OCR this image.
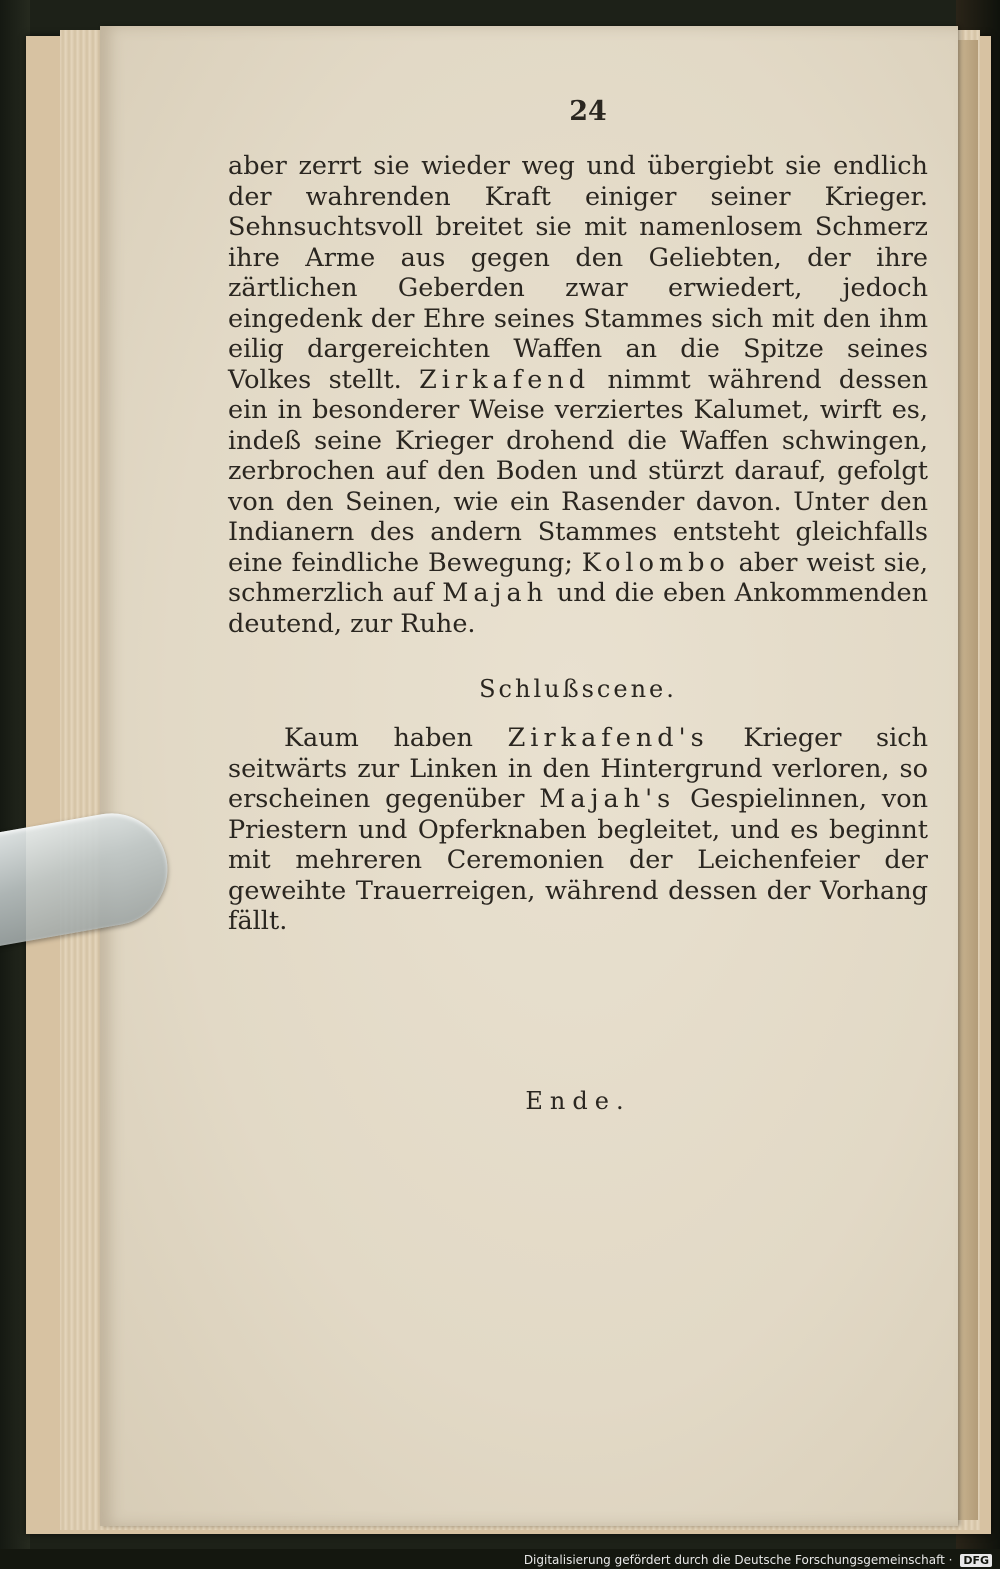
24

aber zerrt sie wieder weg und übergiebt sie endlich der wahrenden Kraft einiger seiner Krieger. Sehnsuchtsvoll breitet sie mit namenlosem Schmerz ihre Arme aus gegen den Geliebten, der ihre zärtlichen Geberden zwar erwiedert, jedoch eingedenk der Ehre seines Stammes sich mit den ihm eilig dargereichten Waffen an die Spitze seines Volkes stellt. Zirkafend nimmt während dessen ein in besonderer Weise verziertes Kalumet, wirft es, indeß seine Krieger drohend die Waffen schwingen, zerbrochen auf den Boden und stürzt darauf, gefolgt von den Seinen, wie ein Rasender davon. Unter den Indianern des andern Stammes entsteht gleichfalls eine feindliche Bewegung; Kolombo aber weist sie, schmerzlich auf Majah und die eben Ankommenden deutend, zur Ruhe.

Schlußscene.

Kaum haben Zirkafend's Krieger sich seitwärts zur Linken in den Hintergrund verloren, so erscheinen gegenüber Majah's Gespielinnen, von Priestern und Opferknaben begleitet, und es beginnt mit mehreren Ceremonien der Leichenfeier der geweihte Trauerreigen, während dessen der Vorhang fällt.

Ende.
Digitalisierung gefördert durch die Deutsche Forschungsgemeinschaft · DFG
